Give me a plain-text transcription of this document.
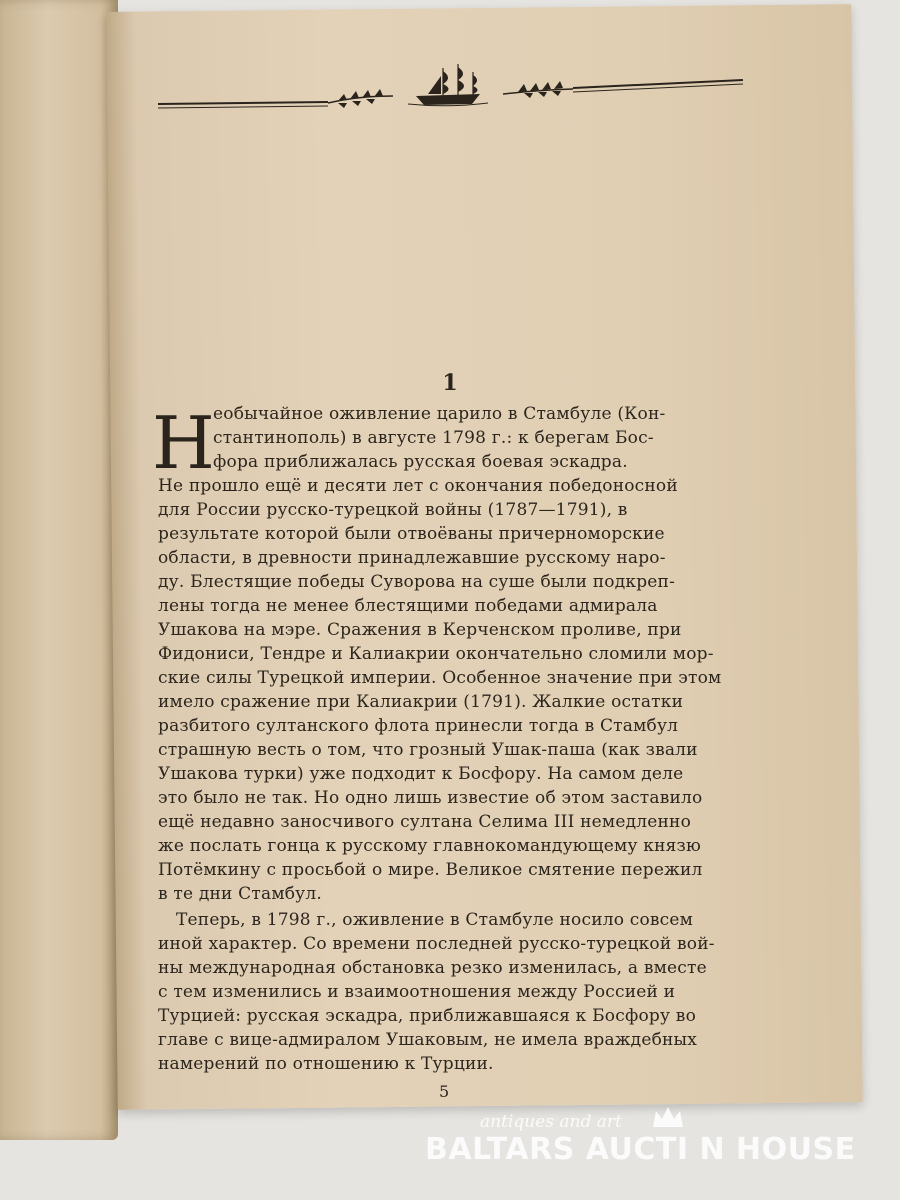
1
Н
еобычайное оживление царило в Стамбуле (Кон-
стантинополь) в августе 1798 г.: к берегам Бос-
фора приближалась русская боевая эскадра.
Не прошло ещё и десяти лет с окончания победоносной
для России русско-турецкой войны (1787—1791), в
результате которой были отвоёваны причерноморские
области, в древности принадлежавшие русскому наро-
ду. Блестящие победы Суворова на суше были подкреп-
лены тогда не менее блестящими победами адмирала
Ушакова на мэре. Сражения в Керченском проливе, при
Фидониси, Тендре и Калиакрии окончательно сломили мор-
ские силы Турецкой империи. Особенное значение при этом
имело сражение при Калиакрии (1791). Жалкие остатки
разбитого султанского флота принесли тогда в Стамбул
страшную весть о том, что грозный Ушак-паша (как звали
Ушакова турки) уже подходит к Босфору. На самом деле
это было не так. Но одно лишь известие об этом заставило
ещё недавно заносчивого султана Селима III немедленно
же послать гонца к русскому главнокомандующему князю
Потёмкину с просьбой о мире. Великое смятение пережил
в те дни Стамбул.
Теперь, в 1798 г., оживление в Стамбуле носило совсем
иной характер. Со времени последней русско-турецкой вой-
ны международная обстановка резко изменилась, а вместе
с тем изменились и взаимоотношения между Россией и
Турцией: русская эскадра, приближавшаяся к Босфору во
главе с вице-адмиралом Ушаковым, не имела враждебных
намерений по отношению к Турции.
5
antiques and art
BALTARS AUCTI N HOUSE
